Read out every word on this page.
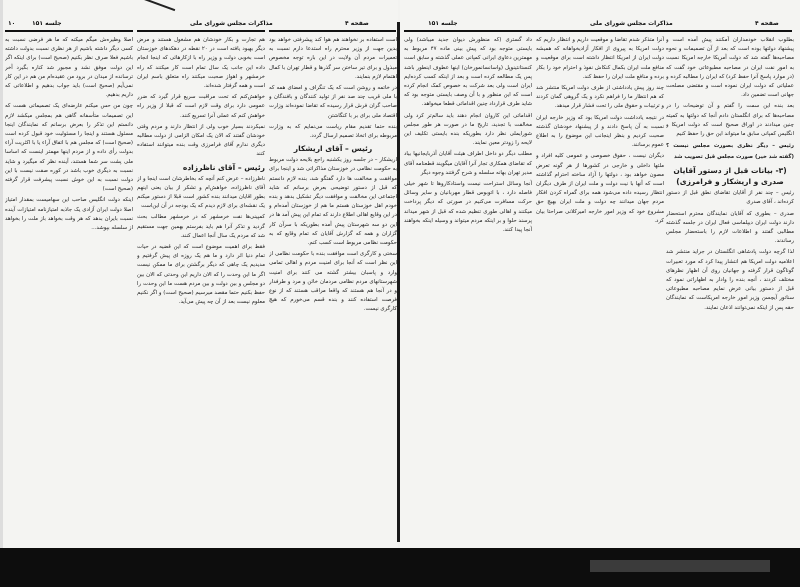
۱۰	جلسه ۱۵۱	مذاکرات مجلس شورای ملی	صفحه ۴

اصلا وظیره‌ش میگم میکنه که ما هر فرضی نسبت به کسی دیگر داشته باشیم از هر نظری نسبت بدولت داشته باشیم فعلا صرف نظر بکنیم (صحیح است) برای اینکه اگر این دولت موفق نشد و مجبور شد کناره بگیرد آخر ترسانده از میدان در برود من عقیده‌ام من هم در این کار نمی‌آیم (صحیح است) باید جواب بدهیم و اطلاعاتی که داریم بدهیم.

چون من حس میکنم عارضه‌ای یک تصمیماتی هست که این تصمیمات متأسفانه گاهی هم بمجلس میکشد لازم دانستم این تذکر را بعرض برسانم که نمایندگان اینجا مسئول هستند و اینجا را مسئولیت خود قبول کرده است (صحیح است) که مجلس هم با اتفاق آراء یا با اکثریت آراء بدولت رأی داده و از مردم اینها مهمتر اینست که اساسا ملی پشت سر شما هستند، آینده نظر که میگیرد و شاید نسبت به دیگری خوب باشد در کوره صفت نیست با این دولت نسبت به این خوش نسبت پیشرفت قرار گرفته (صحیح است)

اینکه دولت انگلیس صاحب این سهامیست بمقدار امتیاز اصلا دولت ایران آزادی یک جاذبه امتیازنامه امتیازات آینده نسبت بایران بدهد که هر وقت بخواهد باز ملت را بخواهد از سلسله بپوشد...

هم تجارت و بکار خودشان هم مشغول هستند و مرض دیگر بهبود یافته است در ۲۰ نقطه در دهکدهای خوزستان است بخوبی دولت و وزیر راه با ازکارهائی که اینجا انجام داده این جانب یک سال تمام است کار میکنند که راه خرمشهر و اهواز صحبت میکنند راه متعلق باسم ایران است و همه گرفتار شده‌اند.

خواهش‌کنم که تحت مراقبت سریع قرار گیرد که ضرر عمومی دارد برای وقت لازم است که قبلا از وزیر راه خواهش کنم که عملی آنرا تسریع کنند.

نمیکردند بسیار خوب ولی از انتظار دارند و مردم وقتی خودشان گفتند که الان یک امکان الزامی از دولت مطالبه دیگری ندارم آقای فرامرزی وقت بنده میتوانند استفاده کنند

رئیس – آقای ناظرزاده

ناظرزاده – عرض کنم آنچه که بخاطرشان است اینجا و از آقای ناظرزاده، خواهش‌ام و تشکر از بیان یعنی اینهم بطور اقایان میدانند بنده کشور است قبلا از دستور میکنم یک نقشه‌ای برای لازم دیدم که یک بودجه در آن این‌است

کمپینی‌ها نفت خرمشهر که در خرمشهر مطالب بحث گردید و تذکر آنرا هم باید بفرستم بهمین جهت مستقیم شد که مردم یک سال آنجا اعمال کنند.

فقط برای اهمیت موضوع است که این قضیه در حیات تمام دنیا اثر دارد و ما هم یک روزه ای پیش گرفتیم و مدیدیم یک چاهی که دیگر برگشتن برای ما ممکن نیست اگر ما این وحدت را که الان داریم این وحدتی که الان بین دو مجلس و بین دولت و بین مردم هست ما این وحدت را حفظ بکنیم حتما مقصد میرسیم (صحیح است) و اگر نکنیم معلوم نیست بعد از آن چه پیش می‌آید.

است استفاده بر نخواهند هم هوا کند پیشرفتی خواهد بود بدین جهت از وزیر محترم راه استدعا دارم نسبت به تعمیرات مردم آن ولایت در این باره توجه مخصوص مبذول و برای تیر ساختن سر گذرها و قطار تهران با کمال اهتمام لازم بنمایند.

در خاتمه و روشن است که یک تنگراف و امضای همه که با ملی قریب چند صد نفر از تولید کنندگان و بافندگان و صاحب گران فرش قرار رسیده که تقاضا نموده‌اند وزارت اقتصاد ملی برای بر با کنگاشتن

بنده حتما تقدیم مقام ریاست می‌نمایم که به وزارت مربوطه برای اتخاذ تصمیم ارسال گردد.

رئیس – آقای اریشکار

اریشکار – در جلسه روز یکشنبه راجع بلایحه دولت مربوط به حکومت نظامی در خوزستان مذاکراتی شد و اینجا برای موافقت و مخالفت ها دارد گفتگو شد، بنده لازم دانستم که قبل از دستور توضیحی بعرض برسانم که شاید اجتماعی این مخالفت و موافقت دیگر تشکیل بدهد و بنده خودم اهل خوزستان هستم ما هم از خوزستان آمده‌ام و در این وقایع اهالی اطلاع دارند که تمام این پیش آمد ها در این دو سه شهرستان پیش آمده بطوریکه با سرآن کار گزاران و همه که گزارش آقایان که تمام وقایع که به حکومت نظامی مربوط است کسب کنم.

سختی و کارگری است موافقت بنده با حکومت نظامی از این نظر است که آنجا برای امنیت مردم و اهالی تمامی وارد و پاسبان بیشتر گشته می کنند برای امنیت شهرستانهای مردم نظامی مردمان خائن و مرد و طرفدار و در آنجا هم هستند که واقعا مراقب هستند که از نوع فرصت استفاده کنند و بنده قسم می‌خورم که هیچ کارگری نیست.

جلسه ۱۵۱	مذاکرات مجلس شورای ملی	صفحه ۴

داد گستری (که منظورش دیوان جدید میباشد) ولی بایستی متوجه بود که پیش بینی ماده ۴۷ مربوط به مهمترین دعاوی ایرانی کمپانی عملی گذشته و سابق است کنستانتینوپل (واسانسانمورخان) اینها عطوف اینطور باشد پس یک مطالعه کرده است و بعد از اینکه کسب کرده‌ایم ایران است ولی بعد شرکت به خصوص کمک انجام کرده است که این منظور و با آن وصف بایستی متوجه بود که شاید طرف قرارداد چنین اقداماتی قطعا میخواهد.

اقداماتی این کاروان انجام دهند باید سالم‌تر کرد ولی مخالفت با تجدید، تاریخ ما در صورت هر طور مجلس شورایملی نظر دارد بطوریکه بنده بایستی تکلیف این لایحه را زودتر معین نمایند.

مطلب دیگر دو داخل اطراف هیئت آقایان آذربایجانیها بیاد که تقاضای همکاری تجار آنرا آقایان میگویند قطعنامه آقای مدیر تهران بهانه سلسله و شرح گرفتند وجوه دیگر

آنجا وسائل استراحت نیست واستادکاروها تا شهر خیلی فاصله دارد ، با اتوبوس قطار مهربانیان و سایر وسائل حرکت مسافرت می‌کنیم در صورتی که دیگر پرداخت میکنند و اهالی طوری تنظیم شده که قبل از شهر میداند پرسند حلوا و بر اینکه مردم میتواند و وسیله اینکه بخواهند آنجا پیدا کنند.

آنرا متذکر شدم تقاضا و موقعیت داریم و انتظار داریم که دولت امریکا به پیروی از افکار آزادیخواهانه که همیشه دولت ایران از امریکا انتظار داشته است برای موقعیت و منافع ملت ایران بکمال کنکاش نفوذ و احترام خود را بکار برده و منافع ملت ایران را حفظ کند.

چند روز پیش یادداشتی از طرف دولت امریکا منتشر شد که هم انتظار ما را فراهم نکرد و یک گروهی گمان کردند و ترتیبات و حقوق ملی را تحت فشار قرار میدهد.

در نتیجه یادداشت دولت امریکا بود که وزیر خارجه ایران نسبت به آن پاسخ دادند و از پیشنهاد خودشان گذشته صحبت کردیم و بنظر اینجانب این موضوع را به اطلاع عموم برسانند.

دیگران نیست ، حقوق خصوصی و عمومی کلیه افراد و ملتها داخلی و خارجی در کشورها از هر گونه تعرض مصون خواهد بود ، دولتها را آزاد ساخته احترام گذاشته است که آنها با نیت دولت و ملت ایران از طرف دیگران انتظار رسیده داده می‌شود همه برای گمراه کردن افکار مردم جهان میدانند چه دولت و ملت ایران بهیچ حق مشروع خود که وزیر امور خارجه امیرکلانی صراحتا بیان کرد.

بطلوب انقلاب خودمداران آمکنند پیش آمده است و پیشنهاد دولتها بوده است که بعد از آن تصمیمات و نحوه مصاحبه‌ها گفته شد که دولت آمریکا خارجه امریکا نسبت به امور نفت ایران در مصاحبه مطبوعاتی خود گفت که (در موارد پاسخ آنرا حفظ کرد) که ایران را مطالبه کرده و عملیاتی که دولت ایران نموده است و مقتضی مصلحت جهانی است تضمین داد.

بعد بنده این سمت را گفتم و آن توضیحات را در مصاحبه‌ها که برای انگلستان دادم آنجا که دولتها به کمیته چنین میدادند در اوراق صحیح است که دولت امریکا و انگلیس کمپانی سابق ما میتواند این حق را حفظ کنیم

رئیس – دیگر نظری بصورت مجلس نیست ؟ (گفته شد خیر) صورت مجلس قبل تصویب شد

(۳- بیانات قبل از دستور آقایان صدری و اریشکار و فرامرزی)

رئیس – چند نفر از آقایان تقاضای نطق قبل از دستور کرده‌اند ، آقای صدری

صدری – بطوری که آقایان نمایندگان محترم استحضار دارند دولت ایران دیپلماسی فعال ایران در جلسه گذشته مطالبی گفتند و اطلاعات لازم را باستحضار مجلس رساندند.

لذا گرچه دولت پادشاهی انگلستان در جراید منتشر شد اعلامیه دولت امریکا هم انتشار پیدا کرد که مورد تعبیرات گوناگون قرار گرفته و جهانیان روی آن اظهار نظرهای مختلف کردند ، آنچه بنده را وادار به اظهاراتی نمود که قبل از دستور بیانی عرض نمایم مصاحبه مطبوعاتی سناتور آیچسن وزیر امور خارجه امریکاست که نمایندگان حقه پس از اینکه نمی‌توانند اذعان نمایند.
